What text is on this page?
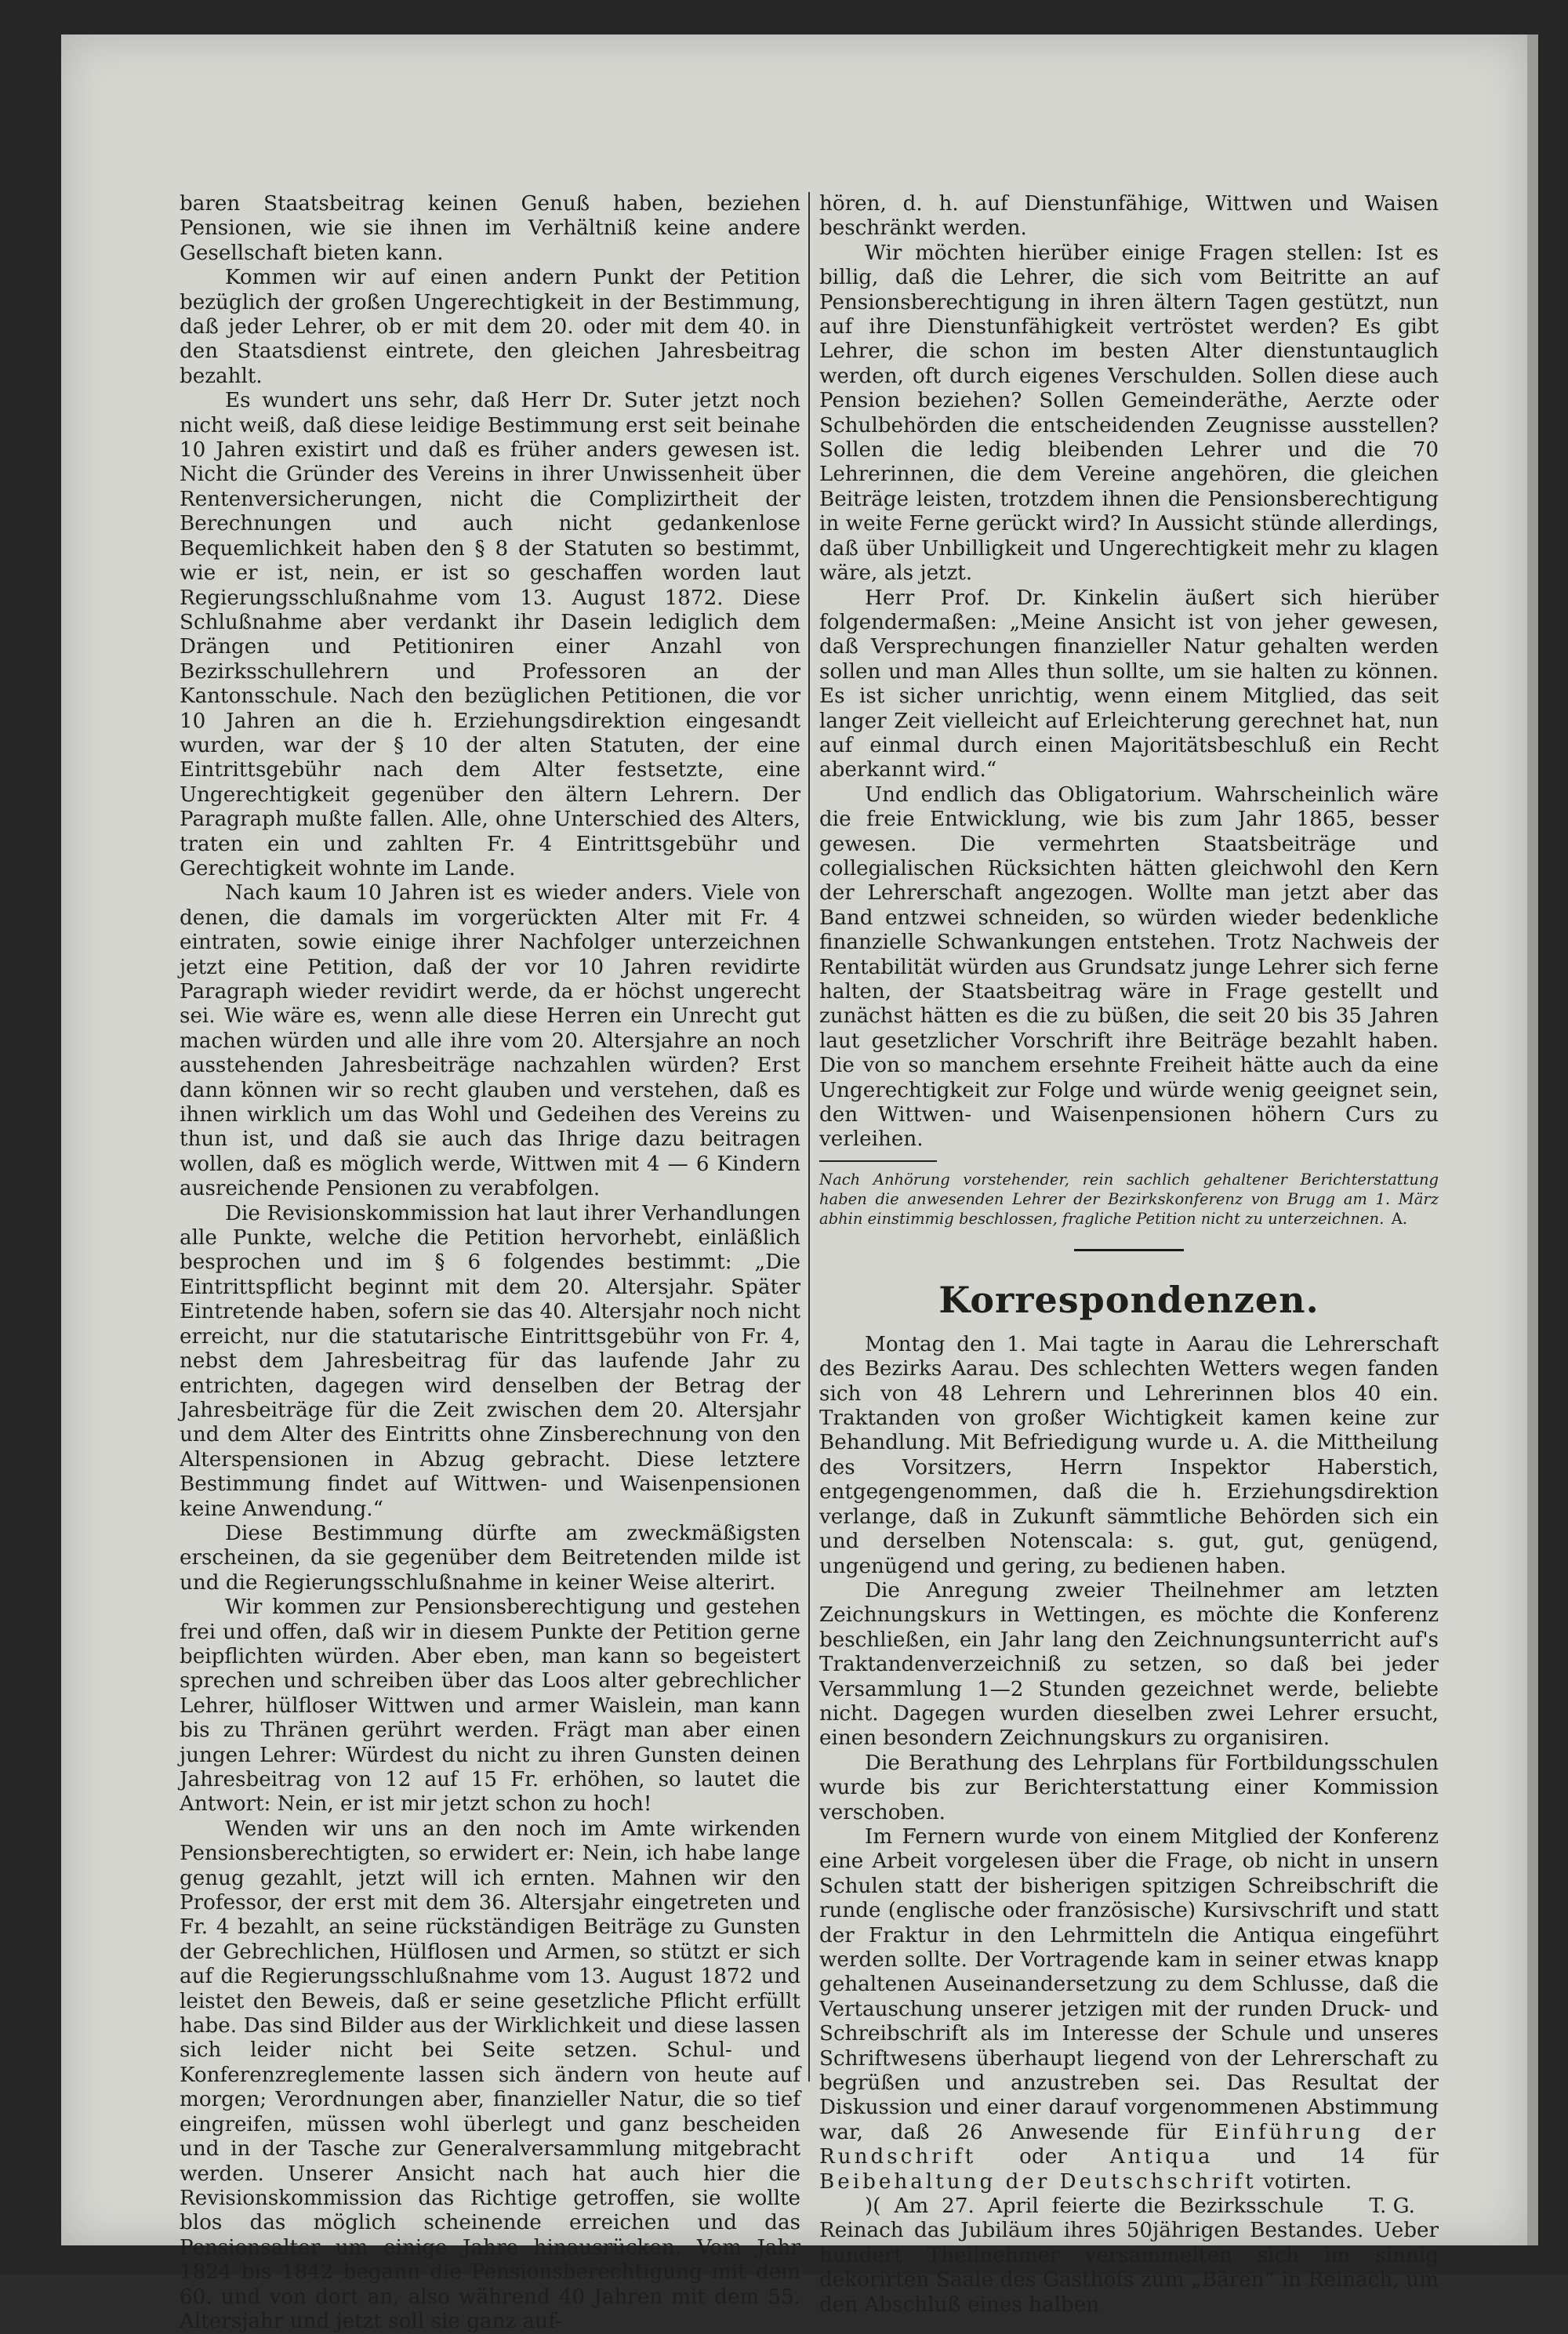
baren Staatsbeitrag keinen Genuß haben, beziehen Pensionen, wie sie ihnen im Verhältniß keine andere Gesellschaft bieten kann.

Kommen wir auf einen andern Punkt der Petition bezüglich der großen Ungerechtigkeit in der Bestimmung, daß jeder Lehrer, ob er mit dem 20. oder mit dem 40. in den Staatsdienst eintrete, den gleichen Jahresbeitrag bezahlt.

Es wundert uns sehr, daß Herr Dr. Suter jetzt noch nicht weiß, daß diese leidige Bestimmung erst seit beinahe 10 Jahren existirt und daß es früher anders gewesen ist. Nicht die Gründer des Vereins in ihrer Unwissenheit über Rentenversicherungen, nicht die Complizirtheit der Berechnungen und auch nicht gedankenlose Bequemlichkeit haben den § 8 der Statuten so bestimmt, wie er ist, nein, er ist so geschaffen worden laut Regierungsschlußnahme vom 13. August 1872. Diese Schlußnahme aber verdankt ihr Dasein lediglich dem Drängen und Petitioniren einer Anzahl von Bezirksschullehrern und Professoren an der Kantonsschule. Nach den bezüglichen Petitionen, die vor 10 Jahren an die h. Erziehungsdirektion eingesandt wurden, war der § 10 der alten Statuten, der eine Eintrittsgebühr nach dem Alter festsetzte, eine Ungerechtigkeit gegenüber den ältern Lehrern. Der Paragraph mußte fallen. Alle, ohne Unterschied des Alters, traten ein und zahlten Fr. 4 Eintrittsgebühr und Gerechtigkeit wohnte im Lande.

Nach kaum 10 Jahren ist es wieder anders. Viele von denen, die damals im vorgerückten Alter mit Fr. 4 eintraten, sowie einige ihrer Nachfolger unterzeichnen jetzt eine Petition, daß der vor 10 Jahren revidirte Paragraph wieder revidirt werde, da er höchst ungerecht sei. Wie wäre es, wenn alle diese Herren ein Unrecht gut machen würden und alle ihre vom 20. Altersjahre an noch ausstehenden Jahresbeiträge nachzahlen würden? Erst dann können wir so recht glauben und verstehen, daß es ihnen wirklich um das Wohl und Gedeihen des Vereins zu thun ist, und daß sie auch das Ihrige dazu beitragen wollen, daß es möglich werde, Wittwen mit 4 — 6 Kindern ausreichende Pensionen zu verabfolgen.

Die Revisionskommission hat laut ihrer Verhandlungen alle Punkte, welche die Petition hervorhebt, einläßlich besprochen und im § 6 folgendes bestimmt: „Die Eintrittspflicht beginnt mit dem 20. Altersjahr. Später Eintretende haben, sofern sie das 40. Altersjahr noch nicht erreicht, nur die statutarische Eintrittsgebühr von Fr. 4, nebst dem Jahresbeitrag für das laufende Jahr zu entrichten, dagegen wird denselben der Betrag der Jahresbeiträge für die Zeit zwischen dem 20. Altersjahr und dem Alter des Eintritts ohne Zinsberechnung von den Alterspensionen in Abzug gebracht. Diese letztere Bestimmung findet auf Wittwen- und Waisenpensionen keine Anwendung.“

Diese Bestimmung dürfte am zweckmäßigsten erscheinen, da sie gegenüber dem Beitretenden milde ist und die Regierungsschlußnahme in keiner Weise alterirt.

Wir kommen zur Pensionsberechtigung und gestehen frei und offen, daß wir in diesem Punkte der Petition gerne beipflichten würden. Aber eben, man kann so begeistert sprechen und schreiben über das Loos alter gebrechlicher Lehrer, hülfloser Wittwen und armer Waislein, man kann bis zu Thränen gerührt werden. Frägt man aber einen jungen Lehrer: Würdest du nicht zu ihren Gunsten deinen Jahresbeitrag von 12 auf 15 Fr. erhöhen, so lautet die Antwort: Nein, er ist mir jetzt schon zu hoch!

Wenden wir uns an den noch im Amte wirkenden Pensionsberechtigten, so erwidert er: Nein, ich habe lange genug gezahlt, jetzt will ich ernten. Mahnen wir den Professor, der erst mit dem 36. Altersjahr eingetreten und Fr. 4 bezahlt, an seine rückständigen Beiträge zu Gunsten der Gebrechlichen, Hülflosen und Armen, so stützt er sich auf die Regierungsschlußnahme vom 13. August 1872 und leistet den Beweis, daß er seine gesetzliche Pflicht erfüllt habe. Das sind Bilder aus der Wirklichkeit und diese lassen sich leider nicht bei Seite setzen. Schul- und Konferenzreglemente lassen sich ändern von heute auf morgen; Verordnungen aber, finanzieller Natur, die so tief eingreifen, müssen wohl überlegt und ganz bescheiden und in der Tasche zur Generalversammlung mitgebracht werden. Unserer Ansicht nach hat auch hier die Revisionskommission das Richtige getroffen, sie wollte blos das möglich scheinende erreichen und das Pensionsalter um einige Jahre hinausrücken. Vom Jahr 1824 bis 1842 begann die Pensionsberechtigung mit dem 60. und von dort an, also während 40 Jahren mit dem 55. Altersjahr und jetzt soll sie ganz auf-

hören, d. h. auf Dienstunfähige, Wittwen und Waisen beschränkt werden.

Wir möchten hierüber einige Fragen stellen: Ist es billig, daß die Lehrer, die sich vom Beitritte an auf Pensionsberechtigung in ihren ältern Tagen gestützt, nun auf ihre Dienstunfähigkeit vertröstet werden? Es gibt Lehrer, die schon im besten Alter dienstuntauglich werden, oft durch eigenes Verschulden. Sollen diese auch Pension beziehen? Sollen Gemeinderäthe, Aerzte oder Schulbehörden die entscheidenden Zeugnisse ausstellen? Sollen die ledig bleibenden Lehrer und die 70 Lehrerinnen, die dem Vereine angehören, die gleichen Beiträge leisten, trotzdem ihnen die Pensionsberechtigung in weite Ferne gerückt wird? In Aussicht stünde allerdings, daß über Unbilligkeit und Ungerechtigkeit mehr zu klagen wäre, als jetzt.

Herr Prof. Dr. Kinkelin äußert sich hierüber folgendermaßen: „Meine Ansicht ist von jeher gewesen, daß Versprechungen finanzieller Natur gehalten werden sollen und man Alles thun sollte, um sie halten zu können. Es ist sicher unrichtig, wenn einem Mitglied, das seit langer Zeit vielleicht auf Erleichterung gerechnet hat, nun auf einmal durch einen Majoritätsbeschluß ein Recht aberkannt wird.“

Und endlich das Obligatorium. Wahrscheinlich wäre die freie Entwicklung, wie bis zum Jahr 1865, besser gewesen. Die vermehrten Staatsbeiträge und collegialischen Rücksichten hätten gleichwohl den Kern der Lehrerschaft angezogen. Wollte man jetzt aber das Band entzwei schneiden, so würden wieder bedenkliche finanzielle Schwankungen entstehen. Trotz Nachweis der Rentabilität würden aus Grundsatz junge Lehrer sich ferne halten, der Staatsbeitrag wäre in Frage gestellt und zunächst hätten es die zu büßen, die seit 20 bis 35 Jahren laut gesetzlicher Vorschrift ihre Beiträge bezahlt haben. Die von so manchem ersehnte Freiheit hätte auch da eine Ungerechtigkeit zur Folge und würde wenig geeignet sein, den Wittwen- und Waisenpensionen höhern Curs zu verleihen.

Nach Anhörung vorstehender, rein sachlich gehaltener Berichterstattung haben die anwesenden Lehrer der Bezirkskonferenz von Brugg am 1. März abhin einstimmig beschlossen, fragliche Petition nicht zu unterzeichnen. A.
Korrespondenzen.

Montag den 1. Mai tagte in Aarau die Lehrerschaft des Bezirks Aarau. Des schlechten Wetters wegen fanden sich von 48 Lehrern und Lehrerinnen blos 40 ein. Traktanden von großer Wichtigkeit kamen keine zur Behandlung. Mit Befriedigung wurde u. A. die Mittheilung des Vorsitzers, Herrn Inspektor Haberstich, entgegengenommen, daß die h. Erziehungsdirektion verlange, daß in Zukunft sämmtliche Behörden sich ein und derselben Notenscala: s. gut, gut, genügend, ungenügend und gering, zu bedienen haben.

Die Anregung zweier Theilnehmer am letzten Zeichnungskurs in Wettingen, es möchte die Konferenz beschließen, ein Jahr lang den Zeichnungsunterricht auf's Traktandenverzeichniß zu setzen, so daß bei jeder Versammlung 1—2 Stunden gezeichnet werde, beliebte nicht. Dagegen wurden dieselben zwei Lehrer ersucht, einen besondern Zeichnungskurs zu organisiren.

Die Berathung des Lehrplans für Fortbildungsschulen wurde bis zur Berichterstattung einer Kommission verschoben.

Im Fernern wurde von einem Mitglied der Konferenz eine Arbeit vorgelesen über die Frage, ob nicht in unsern Schulen statt der bisherigen spitzigen Schreibschrift die runde (englische oder französische) Kursivschrift und statt der Fraktur in den Lehrmitteln die Antiqua eingeführt werden sollte. Der Vortragende kam in seiner etwas knapp gehaltenen Auseinandersetzung zu dem Schlusse, daß die Vertauschung unserer jetzigen mit der runden Druck- und Schreibschrift als im Interesse der Schule und unseres Schriftwesens überhaupt liegend von der Lehrerschaft zu begrüßen und anzustreben sei. Das Resultat der Diskussion und einer darauf vorgenommenen Abstimmung war, daß 26 Anwesende für Einführung der Rundschrift oder Antiqua und 14 für Beibehaltung der Deutschschrift votirten.
T. G.

)( Am 27. April feierte die Bezirksschule Reinach das Jubiläum ihres 50jährigen Bestandes. Ueber hundert Theilnehmer versammelten sich im sinnig dekorirten Saale des Gasthofs zum „Bären“ in Reinach, um den Abschluß eines halben
